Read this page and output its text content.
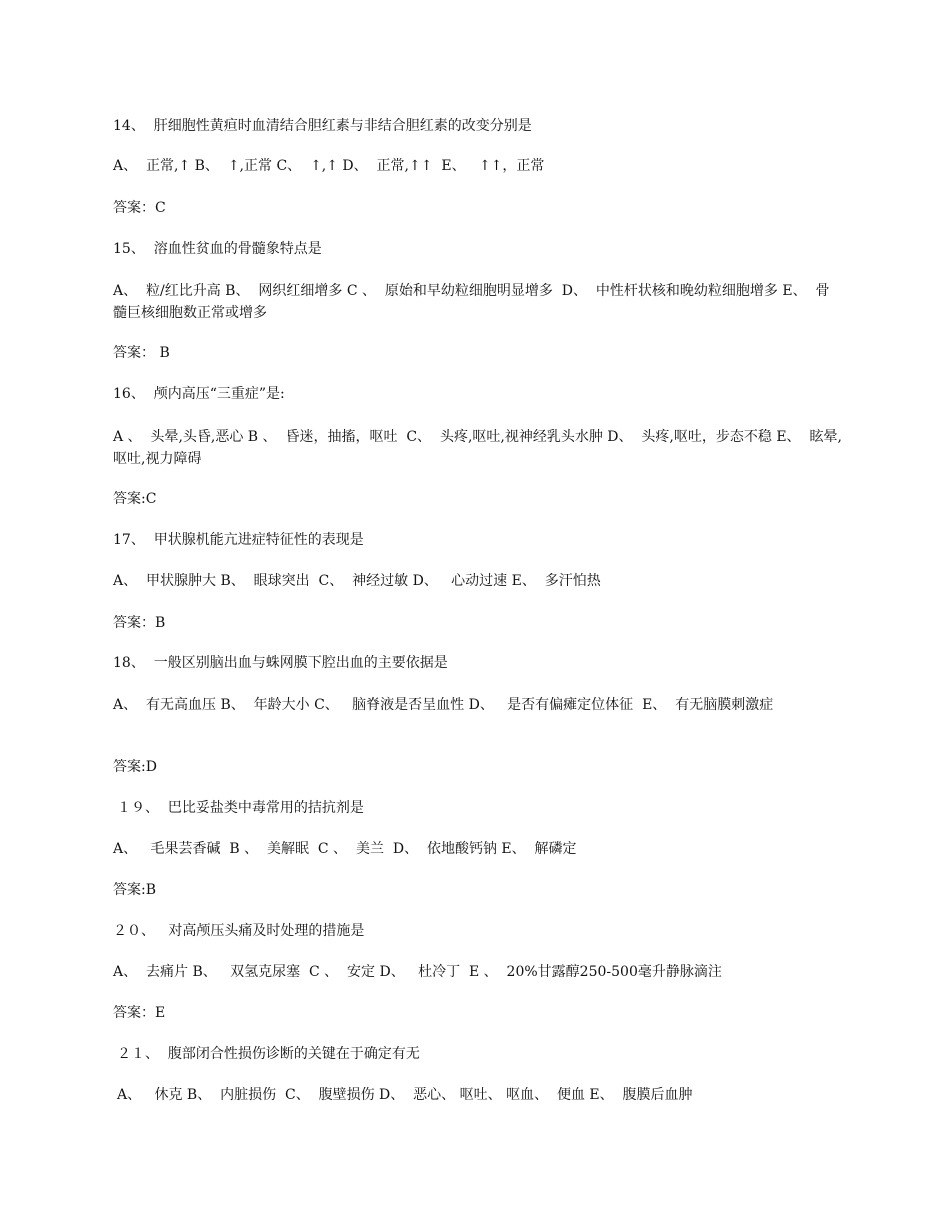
14、  肝细胞性黄疸时血清结合胆红素与非结合胆红素的改变分别是
A、  正常,↑ B、  ↑,正常 C、  ↑,↑ D、  正常,↑↑  E、   ↑↑，正常
答案：C
15、  溶血性贫血的骨髓象特点是
A、  粒/红比升高 B、  网织红细增多 C 、  原始和早幼粒细胞明显增多  D、  中性杆状核和晚幼粒细胞增多 E、  骨髓巨核细胞数正常或增多
答案： B
16、  颅内高压“三重症”是:
A 、  头晕,头昏,恶心 B 、  昏迷，抽搐，呕吐  C、  头疼,呕吐,视神经乳头水肿 D、  头疼,呕吐，步态不稳 E、  眩晕,呕吐,视力障碍
答案:C
17、  甲状腺机能亢进症特征性的表现是
A、  甲状腺肿大 B、  眼球突出  C、  神经过敏 D、   心动过速 E、  多汗怕热
答案：B
18、  一般区别脑出血与蛛网膜下腔出血的主要依据是
A、  有无高血压 B、  年龄大小 C、   脑脊液是否呈血性 D、   是否有偏瘫定位体征  E、  有无脑膜刺激症
答案:D
１９、  巴比妥盐类中毒常用的拮抗剂是
A、   毛果芸香碱  B 、  美解眠  C 、  美兰  D、  依地酸钙钠 E、  解磷定
答案:B
２０、   对高颅压头痛及时处理的措施是
A、  去痛片 B、   双氢克尿塞  C 、  安定 D、   杜冷丁  E 、  20%甘露醇250-500毫升静脉滴注
答案：E
２１、  腹部闭合性损伤诊断的关键在于确定有无
A、   休克 B、  内脏损伤  C、  腹壁损伤 D、  恶心、 呕吐、 呕血、  便血 E、  腹膜后血肿
